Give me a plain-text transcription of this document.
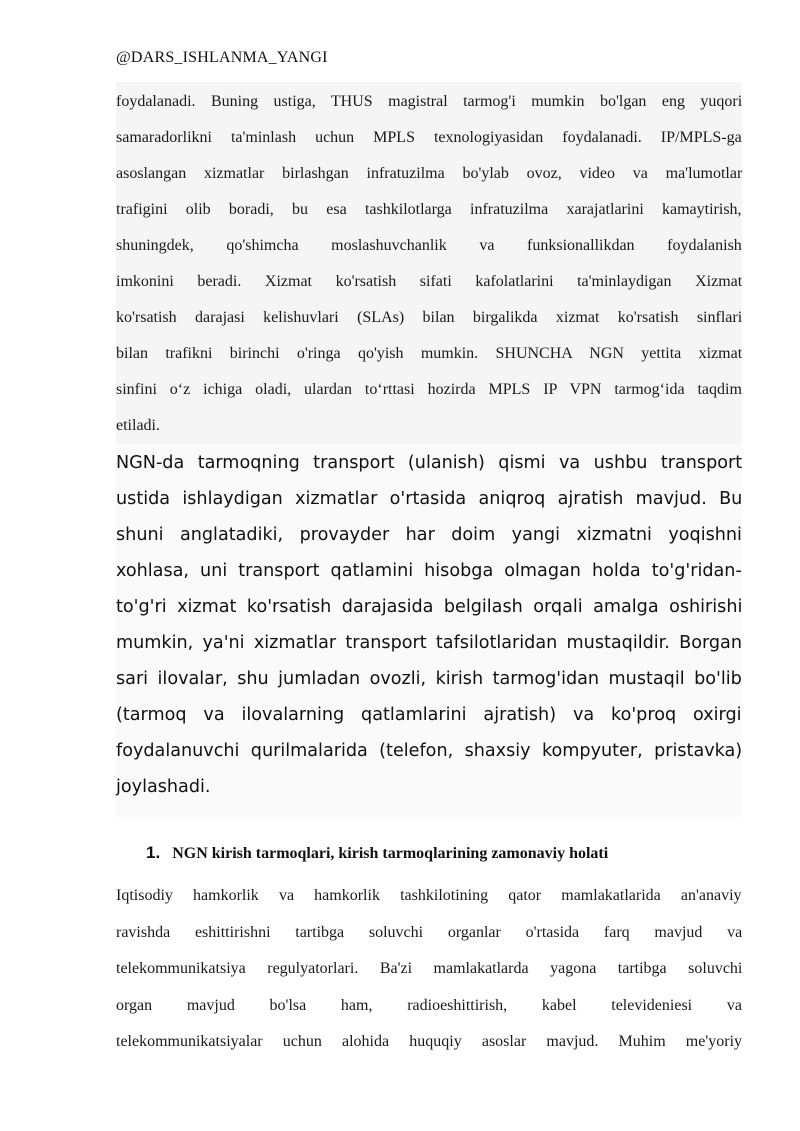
@DARS_ISHLANMA_YANGI
foydalanadi. Buning ustiga, THUS magistral tarmog'i mumkin bo'lgan eng yuqori
samaradorlikni ta'minlash uchun MPLS texnologiyasidan foydalanadi. IP/MPLS-ga
asoslangan xizmatlar birlashgan infratuzilma bo'ylab ovoz, video va ma'lumotlar
trafigini olib boradi, bu esa tashkilotlarga infratuzilma xarajatlarini kamaytirish,
shuningdek, qo'shimcha moslashuvchanlik va funksionallikdan foydalanish
imkonini beradi. Xizmat ko'rsatish sifati kafolatlarini ta'minlaydigan Xizmat
ko'rsatish darajasi kelishuvlari (SLAs) bilan birgalikda xizmat ko'rsatish sinflari
bilan trafikni birinchi o'ringa qo'yish mumkin. SHUNCHA NGN yettita xizmat
sinfini o‘z ichiga oladi, ulardan to‘rttasi hozirda MPLS IP VPN tarmog‘ida taqdim
etiladi.
NGN-da tarmoqning transport (ulanish) qismi va ushbu transport
ustida ishlaydigan xizmatlar o'rtasida aniqroq ajratish mavjud. Bu
shuni anglatadiki, provayder har doim yangi xizmatni yoqishni
xohlasa, uni transport qatlamini hisobga olmagan holda to'g'ridan-
to'g'ri xizmat ko'rsatish darajasida belgilash orqali amalga oshirishi
mumkin, ya'ni xizmatlar transport tafsilotlaridan mustaqildir. Borgan
sari ilovalar, shu jumladan ovozli, kirish tarmog'idan mustaqil bo'lib
(tarmoq va ilovalarning qatlamlarini ajratish) va ko'proq oxirgi
foydalanuvchi qurilmalarida (telefon, shaxsiy kompyuter, pristavka)
joylashadi.
1. NGN kirish tarmoqlari, kirish tarmoqlarining zamonaviy holati
Iqtisodiy hamkorlik va hamkorlik tashkilotining qator mamlakatlarida an'anaviy
ravishda eshittirishni tartibga soluvchi organlar o'rtasida farq mavjud va
telekommunikatsiya regulyatorlari. Ba'zi mamlakatlarda yagona tartibga soluvchi
organ mavjud bo'lsa ham, radioeshittirish, kabel televideniesi va
telekommunikatsiyalar uchun alohida huquqiy asoslar mavjud. Muhim me'yoriy
